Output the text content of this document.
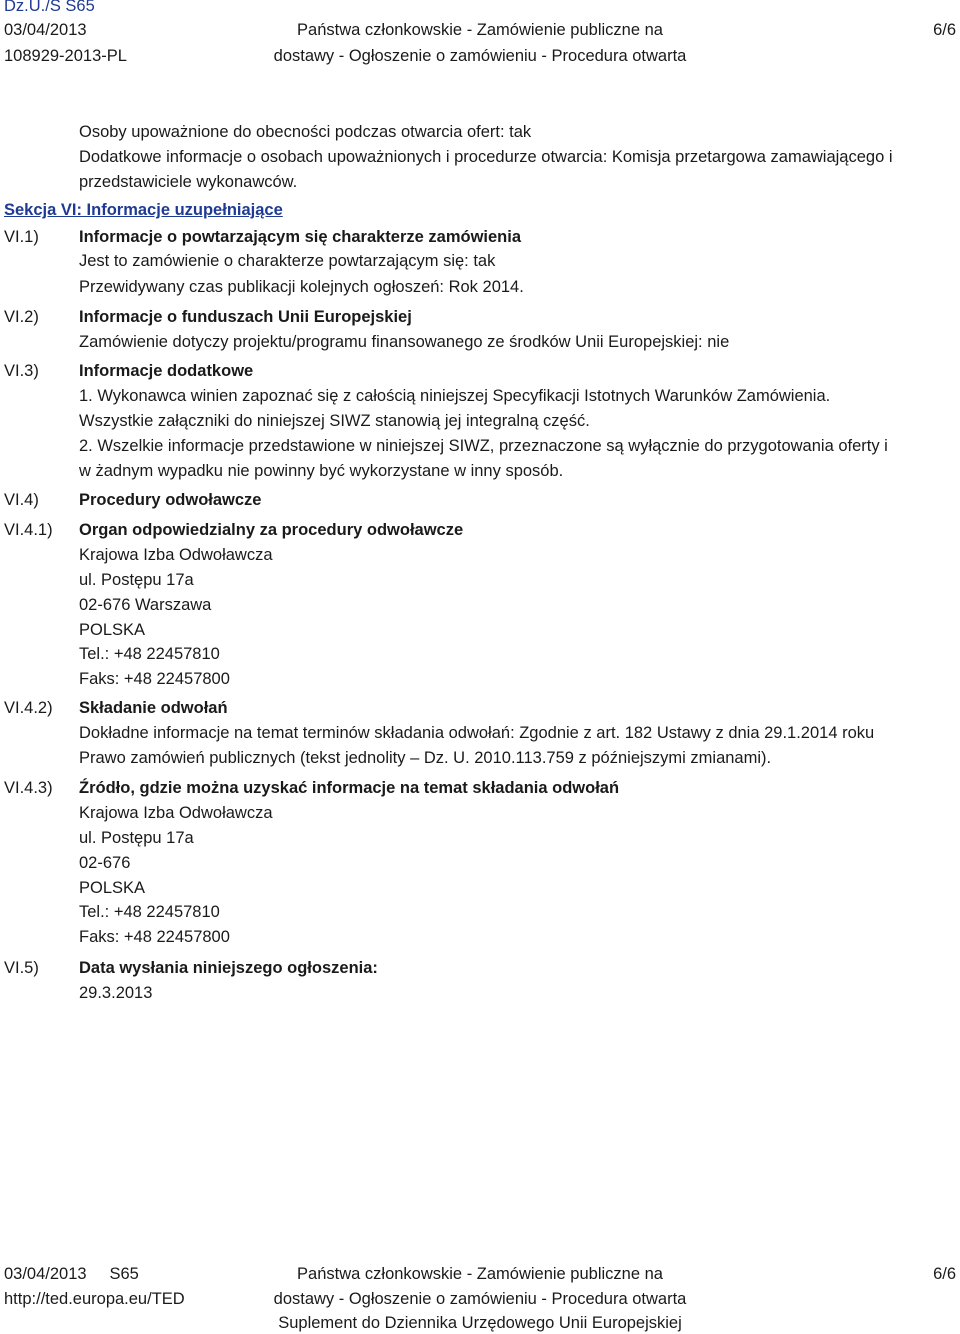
Dz.U./S S65
03/04/2013
108929-2013-PL
Państwa członkowskie - Zamówienie publiczne na
dostawy - Ogłoszenie o zamówieniu - Procedura otwarta
6/6
Osoby upoważnione do obecności podczas otwarcia ofert: tak
Dodatkowe informacje o osobach upoważnionych i procedurze otwarcia: Komisja przetargowa zamawiającego i
przedstawiciele wykonawców.
Sekcja VI: Informacje uzupełniające
VI.1) Informacje o powtarzającym się charakterze zamówienia
Jest to zamówienie o charakterze powtarzającym się: tak
Przewidywany czas publikacji kolejnych ogłoszeń: Rok 2014.
VI.2) Informacje o funduszach Unii Europejskiej
Zamówienie dotyczy projektu/programu finansowanego ze środków Unii Europejskiej: nie
VI.3) Informacje dodatkowe
1. Wykonawca winien zapoznać się z całością niniejszej Specyfikacji Istotnych Warunków Zamówienia.
Wszystkie załączniki do niniejszej SIWZ stanowią jej integralną część.
2. Wszelkie informacje przedstawione w niniejszej SIWZ, przeznaczone są wyłącznie do przygotowania oferty i
w żadnym wypadku nie powinny być wykorzystane w inny sposób.
VI.4) Procedury odwoławcze
VI.4.1) Organ odpowiedzialny za procedury odwoławcze
Krajowa Izba Odwoławcza
ul. Postępu 17a
02-676 Warszawa
POLSKA
Tel.: +48 22457810
Faks: +48 22457800
VI.4.2) Składanie odwołań
Dokładne informacje na temat terminów składania odwołań: Zgodnie z art. 182 Ustawy z dnia 29.1.2014 roku
Prawo zamówień publicznych (tekst jednolity – Dz. U. 2010.113.759 z późniejszymi zmianami).
VI.4.3) Źródło, gdzie można uzyskać informacje na temat składania odwołań
Krajowa Izba Odwoławcza
ul. Postępu 17a
02-676
POLSKA
Tel.: +48 22457810
Faks: +48 22457800
VI.5) Data wysłania niniejszego ogłoszenia:
29.3.2013
03/04/2013     S65
http://ted.europa.eu/TED
Państwa członkowskie - Zamówienie publiczne na
dostawy - Ogłoszenie o zamówieniu - Procedura otwarta
Suplement do Dziennika Urzędowego Unii Europejskiej
6/6
